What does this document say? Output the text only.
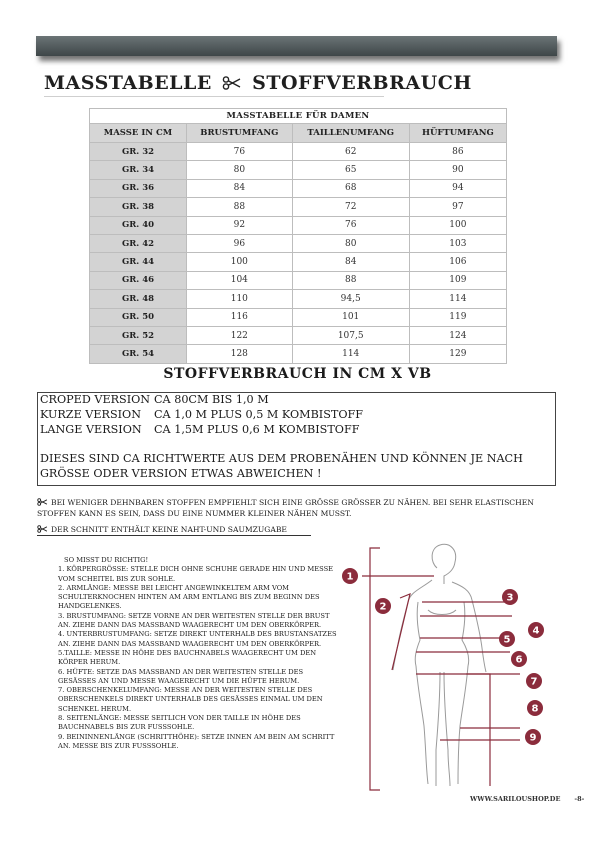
MASSTABELLE STOFFVERBRAUCH
MASSTABELLE FÜR DAMEN			
MASSE IN CM	BRUSTUMFANG	TAILLENUMFANG	HÜFTUMFANG
GR. 32	76	62	86
GR. 34	80	65	90
GR. 36	84	68	94
GR. 38	88	72	97
GR. 40	92	76	100
GR. 42	96	80	103
GR. 44	100	84	106
GR. 46	104	88	109
GR. 48	110	94,5	114
GR. 50	116	101	119
GR. 52	122	107,5	124
GR. 54	128	114	129
STOFFVERBRAUCH IN CM X VB
CROPED VERSION CA 80CM BIS 1,0 M
KURZE VERSION CA 1,0 M PLUS 0,5 M KOMBISTOFF
LANGE VERSION CA 1,5M PLUS 0,6 M KOMBISTOFF
DIESES SIND CA RICHTWERTE AUS DEM PROBENÄHEN UND KÖNNEN JE NACH GRÖSSE ODER VERSION ETWAS ABWEICHEN !
BEI WENIGER DEHNBAREN STOFFEN EMPFIEHLT SICH EINE GRÖSSE GRÖSSER ZU NÄHEN. BEI SEHR ELASTISCHEN STOFFEN KANN ES SEIN, DASS DU EINE NUMMER KLEINER NÄHEN MUSST.
DER SCHNITT ENTHÄLT KEINE NAHT-UND SAUMZUGABE
SO MISST DU RICHTIG!
1. KÖRPERGRÖSSE: STELLE DICH OHNE SCHUHE GERADE HIN UND MESSE VOM SCHEITEL BIS ZUR SOHLE.
2. ARMLÄNGE: MESSE BEI LEICHT ANGEWINKELTEM ARM VOM SCHULTERKNOCHEN HINTEN AM ARM ENTLANG BIS ZUM BEGINN DES HANDGELENKES.
3. BRUSTUMFANG: SETZE VORNE AN DER WEITESTEN STELLE DER BRUST AN. ZIEHE DANN DAS MASSBAND WAAGERECHT UM DEN OBERKÖRPER.
4. UNTERBRUSTUMFANG: SETZE DIREKT UNTERHALB DES BRUSTANSATZES AN. ZIEHE DANN DAS MASSBAND WAAGERECHT UM DEN OBERKÖRPER.
5.TAILLE: MESSE IN HÖHE DES BAUCHNABELS WAAGERECHT UM DEN KÖRPER HERUM.
6. HÜFTE: SETZE DAS MASSBAND AN DER WEITESTEN STELLE DES GESÄSSES AN UND MESSE WAAGERECHT UM DIE HÜFTE HERUM.
7. OBERSCHENKELUMFANG: MESSE AN DER WEITESTEN STELLE DES OBERSCHENKELS DIREKT UNTERHALB DES GESÄSSES EINMAL UM DEN SCHENKEL HERUM.
8. SEITENLÄNGE: MESSE SEITLICH VON DER TAILLE IN HÖHE DES BAUCHNABELS BIS ZUR FUSSSOHLE.
9. BEININNENLÄNGE (SCHRITTHÖHE): SETZE INNEN AM BEIN AM SCHRITT AN. MESSE BIS ZUR FUSSSOHLE.
1
2
3
4
5
6
7
8
9
WWW.SARILOUSHOP.DE -8-
